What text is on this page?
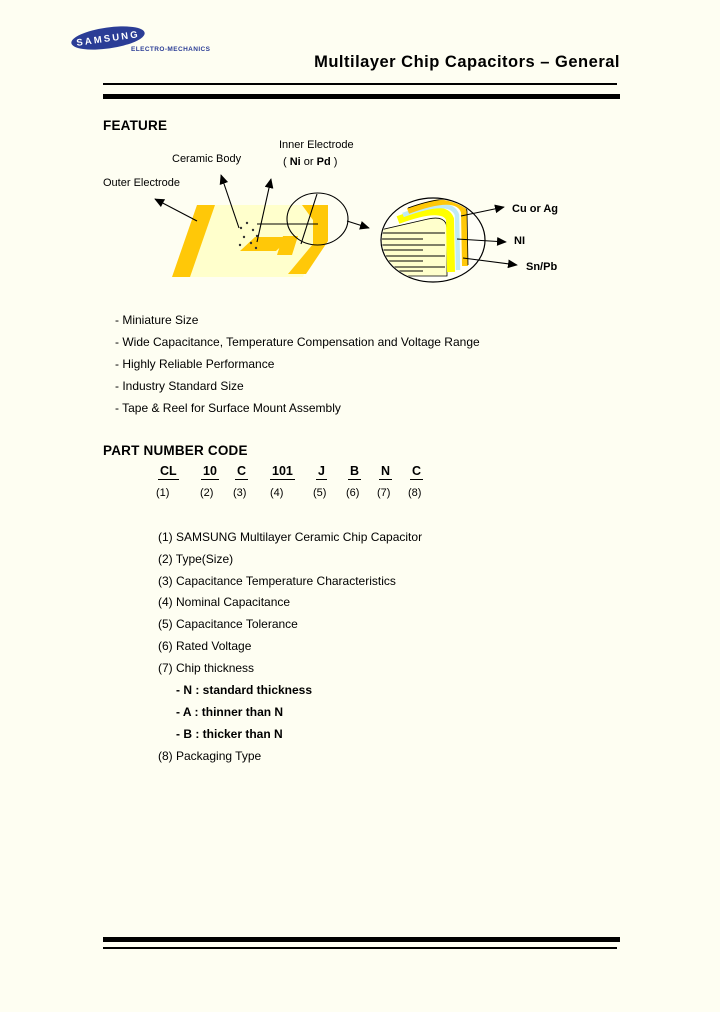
SAMSUNG
ELECTRO-MECHANICS
Multilayer Chip Capacitors – General
FEATURE
Inner Electrode
( Ni or Pd )
Ceramic Body
Outer Electrode
Cu or Ag
NI
Sn/Pb
- Miniature Size
- Wide Capacitance, Temperature Compensation and Voltage Range
- Highly Reliable Performance
- Industry Standard Size
- Tape & Reel for Surface Mount Assembly
PART NUMBER CODE
CL 10 C 101 J B N C
(1)	(2) (3) (4)	(5) (6) (7) (8)
(1) SAMSUNG Multilayer Ceramic Chip Capacitor
(2) Type(Size)
(3) Capacitance Temperature Characteristics
(4) Nominal Capacitance
(5) Capacitance Tolerance
(6) Rated Voltage
(7) Chip thickness
- N : standard thickness
- A : thinner than N
- B : thicker than N
(8) Packaging Type
